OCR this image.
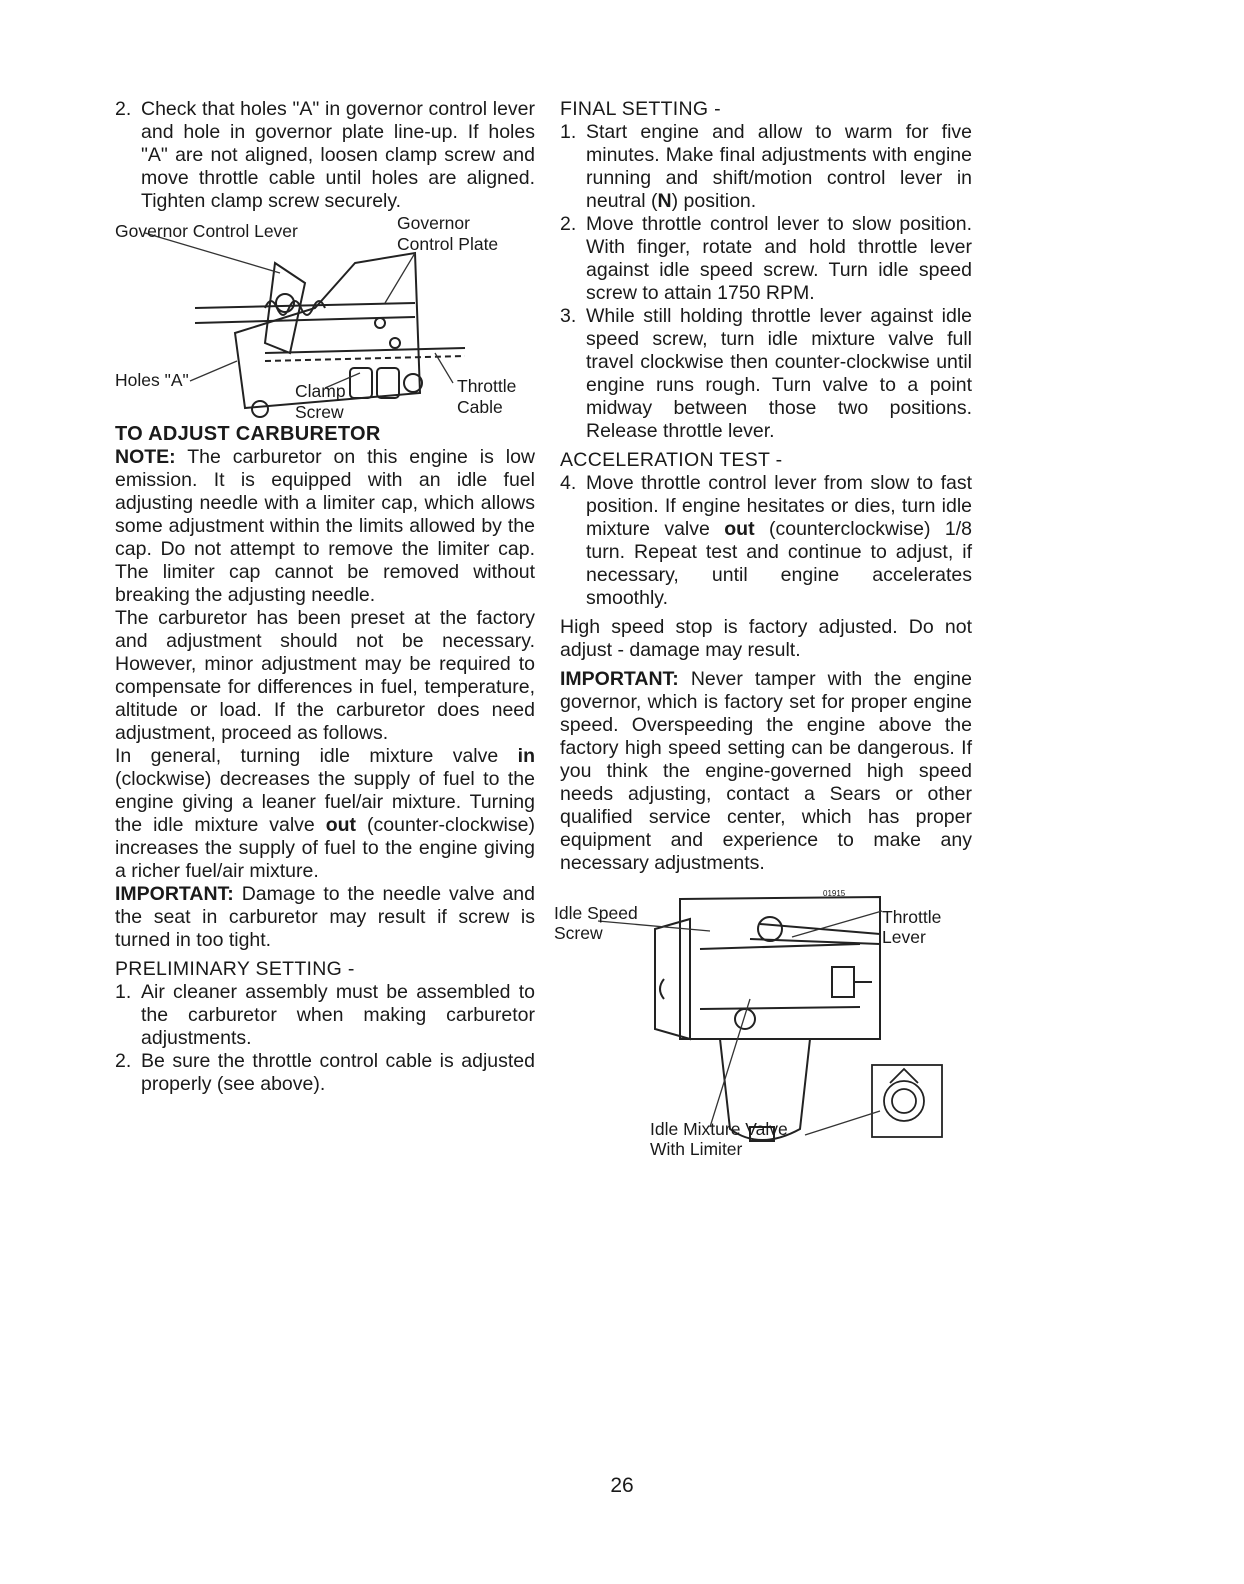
2. Check that holes "A" in governor control lever and hole in governor plate line-up. If holes "A" are not aligned, loosen clamp screw and move throttle cable until holes are aligned. Tighten clamp screw securely.
Governor Control Lever	Governor
Control Plate
Holes "A"
Clamp
Screw
Throttle
Cable

TO ADJUST CARBURETOR

NOTE: The carburetor on this engine is low emission. It is equipped with an idle fuel adjusting needle with a limiter cap, which allows some adjustment within the limits allowed by the cap. Do not attempt to remove the limiter cap. The limiter cap cannot be removed without breaking the adjusting needle.

The carburetor has been preset at the factory and adjustment should not be necessary. However, minor adjustment may be required to compensate for differences in fuel, temperature, altitude or load. If the carburetor does need adjustment, proceed as follows.

In general, turning idle mixture valve in (clockwise) decreases the supply of fuel to the engine giving a leaner fuel/air mixture. Turning the idle mixture valve out (counter-clockwise) increases the supply of fuel to the engine giving a richer fuel/air mixture.

IMPORTANT: Damage to the needle valve and the seat in carburetor may result if screw is turned in too tight.

PRELIMINARY SETTING -

1. Air cleaner assembly must be assembled to the carburetor when making carburetor adjustments.
2. Be sure the throttle control cable is adjusted properly (see above).

FINAL SETTING -

1. Start engine and allow to warm for five minutes. Make final adjustments with engine running and shift/motion control lever in neutral (N) position.
2. Move throttle control lever to slow position. With finger, rotate and hold throttle lever against idle speed screw. Turn idle speed screw to attain 1750 RPM.
3. While still holding throttle lever against idle speed screw, turn idle mixture valve full travel clockwise then counter-clockwise until engine runs rough. Turn valve to a point midway between those two positions. Release throttle lever.

ACCELERATION TEST -

4. Move throttle control lever from slow to fast position. If engine hesitates or dies, turn idle mixture valve out (counterclockwise) 1/8 turn. Repeat test and continue to adjust, if necessary, until engine accelerates smoothly.

High speed stop is factory adjusted. Do not adjust - damage may result.

IMPORTANT: Never tamper with the engine governor, which is factory set for proper engine speed. Overspeeding the engine above the factory high speed setting can be dangerous. If you think the engine-governed high speed needs adjusting, contact a Sears or other qualified service center, which has proper equipment and experience to make any necessary adjustments.

Idle Speed
Screw
Throttle
Lever
01915
Idle Mixture Valve
With Limiter
26
